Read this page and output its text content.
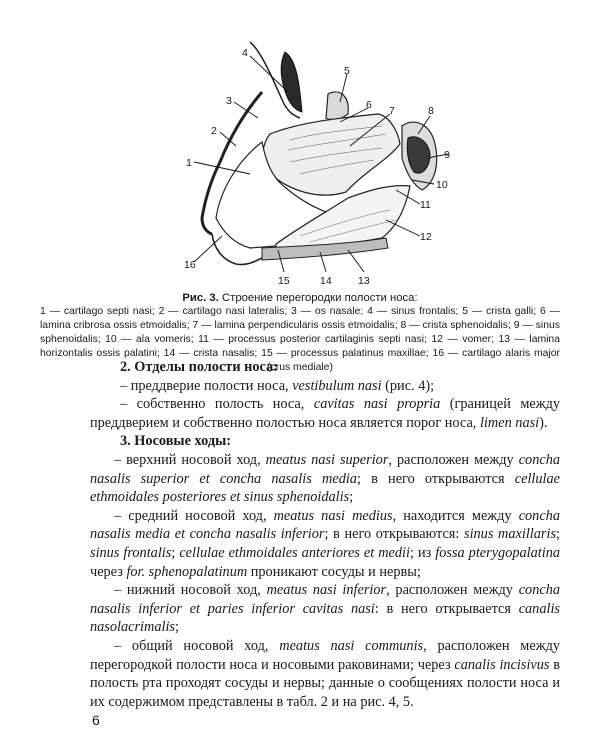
1
2
3
4
5
6 7	8
9
10
11
12
13
14
15
16
Рис. 3. Строение перегородки полости носа:
1 — cartilago septi nasi; 2 — cartilago nasi lateralis; 3 — os nasale; 4 — sinus frontalis; 5 — crista galli; 6 — lamina cribrosa ossis etmoidalis; 7 — lamina perpendicularis ossis etmoidalis; 8 — crista sphenoidalis; 9 — sinus sphenoidalis; 10 — ala vomeris; 11 — processus posterior cartilaginis septi nasi; 12 — vomer; 13 — lamina horizontalis ossis palatini; 14 — crista nasalis; 15 — processus palatinus maxillae; 16 — cartilago alaris major (crus mediale)

2. Отделы полости носа:

– преддверие полости носа, vestibulum nasi (рис. 4);

– собственно полость носа, cavitas nasi propria (границей между преддверием и собственно полостью носа является порог носа, limen nasi).

3. Носовые ходы:

– верхний носовой ход, meatus nasi superior, расположен между concha nasalis superior et concha nasalis media; в него открываются cellulae ethmoidales posteriores et sinus sphenoidalis;

– средний носовой ход, meatus nasi medius, находится между concha nasalis media et concha nasalis inferior; в него открываются: sinus maxillaris; sinus frontalis; cellulae ethmoidales anteriores et medii; из fossa pterygopalatina через for. sphenopalatinum проникают сосуды и нервы;

– нижний носовой ход, meatus nasi inferior, расположен между concha nasalis inferior et paries inferior cavitas nasi: в него открывается canalis nasolacrimalis;

– общий носовой ход, meatus nasi communis, расположен между перегородкой полости носа и носовыми раковинами; через canalis incisivus в полость рта проходят сосуды и нервы; данные о сообщениях полости носа и их содержимом представлены в табл. 2 и на рис. 4, 5.

6
